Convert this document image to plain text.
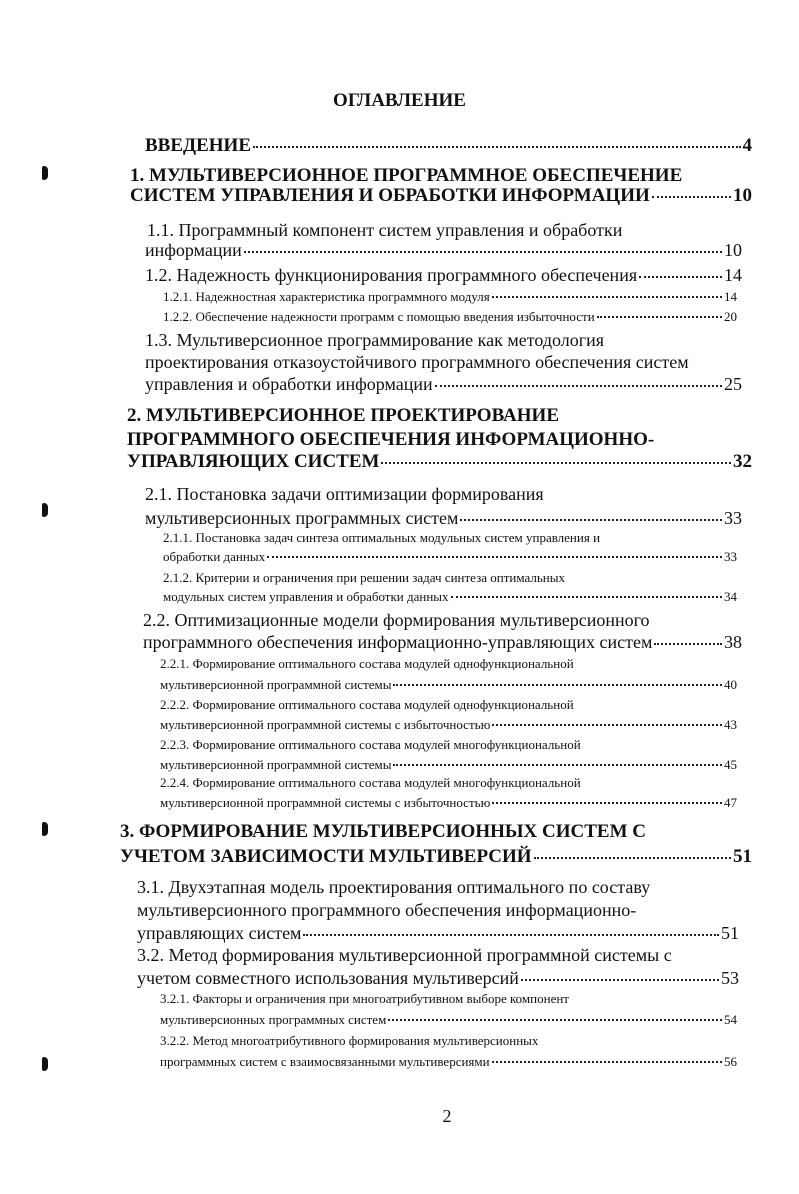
ОГЛАВЛЕНИЕ
ВВЕДЕНИЕ	4
1. МУЛЬТИВЕРСИОННОЕ ПРОГРАММНОЕ ОБЕСПЕЧЕНИЕ
СИСТЕМ УПРАВЛЕНИЯ И ОБРАБОТКИ ИНФОРМАЦИИ	10
1.1. Программный компонент систем управления и обработки
информации	10
1.2. Надежность функционирования программного обеспечения	14
1.2.1. Надежностная характеристика программного модуля	14
1.2.2. Обеспечение надежности программ с помощью введения избыточности	20
1.3. Мультиверсионное программирование как методология
проектирования отказоустойчивого программного обеспечения систем
управления и обработки информации	25
2. МУЛЬТИВЕРСИОННОЕ ПРОЕКТИРОВАНИЕ
ПРОГРАММНОГО ОБЕСПЕЧЕНИЯ ИНФОРМАЦИОННО-
УПРАВЛЯЮЩИХ СИСТЕМ	32
2.1. Постановка задачи оптимизации формирования
мультиверсионных программных систем	33
2.1.1. Постановка задач синтеза оптимальных модульных систем управления и
обработки данных	33
2.1.2. Критерии и ограничения при решении задач синтеза оптимальных
модульных систем управления и обработки данных	34
2.2. Оптимизационные модели формирования мультиверсионного
программного обеспечения информационно-управляющих систем	38
2.2.1. Формирование оптимального состава модулей однофункциональной
мультиверсионной программной системы	40
2.2.2. Формирование оптимального состава модулей однофункциональной
мультиверсионной программной системы с избыточностью	43
2.2.3. Формирование оптимального состава модулей многофункциональной
мультиверсионной программной системы	45
2.2.4. Формирование оптимального состава модулей многофункциональной
мультиверсионной программной системы с избыточностью	47
3. ФОРМИРОВАНИЕ МУЛЬТИВЕРСИОННЫХ СИСТЕМ С
УЧЕТОМ ЗАВИСИМОСТИ МУЛЬТИВЕРСИЙ	51
3.1. Двухэтапная модель проектирования оптимального по составу
мультиверсионного программного обеспечения информационно-
управляющих систем	51
3.2. Метод формирования мультиверсионной программной системы с
учетом совместного использования мультиверсий	53
3.2.1. Факторы и ограничения при многоатрибутивном выборе компонент
мультиверсионных программных систем	54
3.2.2. Метод многоатрибутивного формирования мультиверсионных
программных систем с взаимосвязанными мультиверсиями	56
2
